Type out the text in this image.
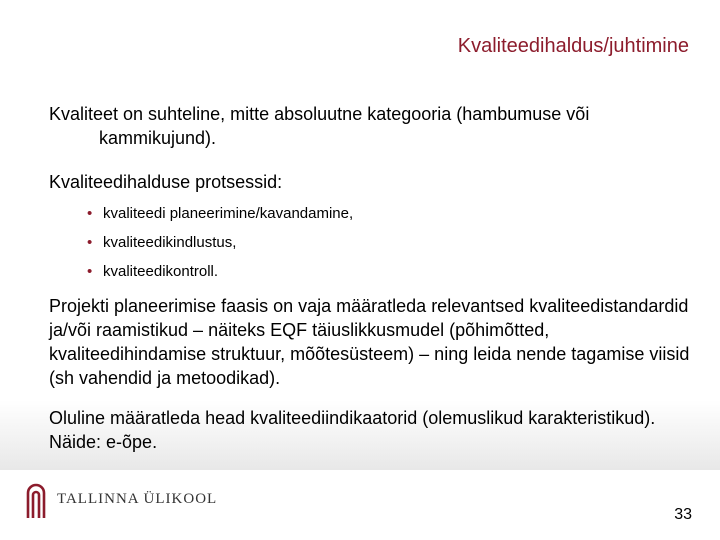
Kvaliteedihaldus/juhtimine

Kvaliteet on suhteline, mitte absoluutne kategooria (hambumuse või kammikujund).

Kvaliteedihalduse protsessid:

• kvaliteedi planeerimine/kavandamine,
• kvaliteedikindlustus,
• kvaliteedikontroll.

Projekti planeerimise faasis on vaja määratleda relevantsed kvaliteedistandardid ja/või raamistikud – näiteks EQF täiuslikkusmudel (põhimõtted, kvaliteedihindamise struktuur, mõõtesüsteem) – ning leida nende tagamise viisid (sh vahendid ja metoodikad).

Oluline määratleda head kvaliteediindikaatorid (olemuslikud karakteristikud). Näide: e-õpe.

TALLINNA ÜLIKOOL
33
